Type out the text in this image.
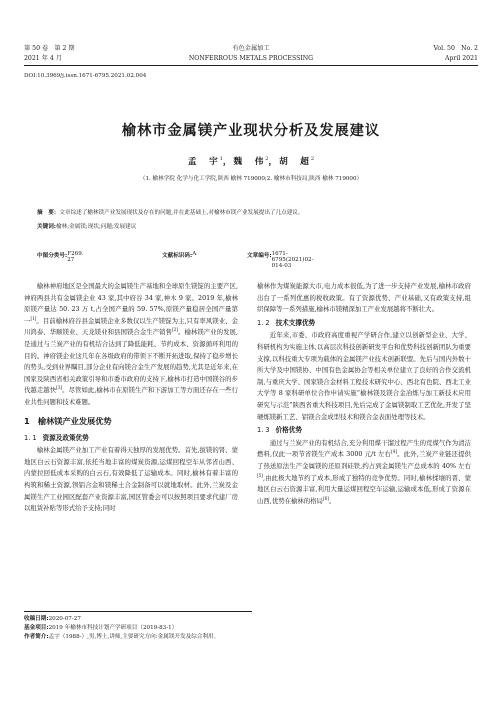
第 50 卷　第 2 期	有色金属加工	Vol. 50　No. 2
2021 年 4 月	NONFERROUS METALS PROCESSING	April 2021
DOI:10.3969/j.issn.1671-6795.2021.02.004
榆林市金属镁产业现状分析及发展建议
孟　宇$^1$，魏　伟$^2$，胡　超$^2$
（1. 榆林学院 化学与化工学院,陕西 榆林 719000;2. 榆林市科技局,陕西 榆林 719000）
摘　要：文章综述了榆林镁产业发展现状及存在的问题,并在此基础上,对榆林市镁产业发展提出了几点建议。
关键词:榆林;金属镁;现状;问题;发展建议
中图分类号: F269. 27
文献标识码: A	文章编号: 1671-6795(2021)02-014-03

榆林神府地区是全国最大的金属镁生产基地和全球原生镁锭的主要产区,神府两县共有金属镁企业 43 家,其中府谷 34 家,神木 9 家。2019 年,榆林原镁产量达 50. 23 万 t,占全国产量的 59. 57%,原镁产量稳居全国产量第一[1]。目前榆林府谷县金属镁企业多数仅以生产镁锭为主,只有率风镁业、金川鸿泰、华顺镁业、天龙镁业和县国镁合金生产销售[2]。榆林镁产业的发展,是通过与兰炭产业的有机结合达到了降低能耗、节约成本、资源循环利用的目的。神府镁企业这几年在各级政府的带领下不断开拓进取,保持了稳步增长的势头,受到业界瞩目,部分企业有向镁合金生产发展的趋势,尤其是近年来,在国家及陕西省相关政策引导和市委市政府的支持下,榆林市打造中国镁谷的步伐越走越快[3]。尽管如此,榆林市在原镁生产和下游加工等方面还存在一些行业共性问题和技术难题。

1　榆林镁产业发展优势
1. 1 资源及政策优势

榆林金属镁产业加工产业有着得天独厚的发展优势。首先,拔镁的肾、蒙地区白云石资源丰富,依托当地丰富的煤炭资源,运煤回程空车从邻省山西、内蒙拉回低成本采购的白云石,有效降低了运输成本。同时,榆林有着丰富的构筑和稀土资源,钡铝合金和镁稀土合金制备可以就地取材。此外,兰炭及金属镁生产工业园区配套产业资源丰富,园区管委会可以按照项目要求代建厂房以租赁补贴等形式给予支持;同时

榆林作为煤炭能源大市,电力成本很低,为了进一步支持产业发展,榆林市政府出台了一系列优惠的税收政策。有了资源优势、产业基础,又有政策支持,组织保障等一系列措施,榆林市镁精深加工产业发展越将不断壮大。

1. 2 技术支撑优势

近年来,市委、市政府高度重视产学研合作,建立以创新型企业、大学、科研机构为实施主体,以高层次科技创新研发平台和优势科技创新团队为重要支撑,以科技重大专项为载体的金属镁产业技术创新联盟。先后与国内外数十所大学及中国镁协、中国有色金属协会等相关单位建立了良好的合作交流机制,与重庆大学、国家镁合金材料工程技术研究中心、西北有色院、西北工业大学等 8 家科研单位合作申请实施“榆林镁及镁合金冶炼与加工新技术应用研究与示范”陕西省重大科技项目,先后完成了金属镁制取工艺优化,开发了坚硬炼镁新工艺、铝镁合金成型技术和镁合金表面处理等技术。

1. 3 价格优势

通过与兰炭产业的有机结合,充分利用煤干馏过程产生的荒煤气作为清洁燃料,仅此一项节省镁生产成本 3000 元/t 左右[4]。此外,兰炭产业链还提供了热送原法生产金属镁的还原剂硅铁,约占到金属镁生产总成本的 40% 左右[5],由此极大地节约了成本,形成了独特的竞争优势。同时,榆林揉壤的晋、蒙地区白云石资源丰富,利用大量运煤回程空车运输,运输成本低,形成了资源在山西,优势在榆林的格局[6]。

收稿日期:2020-07-27
基金项目:2019 年榆林市科技计划产学研项目（2019-83-1）
作者简介:孟宇（1988-）,男,博士,讲师,主要研究方向:金属镁开发及综合利用。
